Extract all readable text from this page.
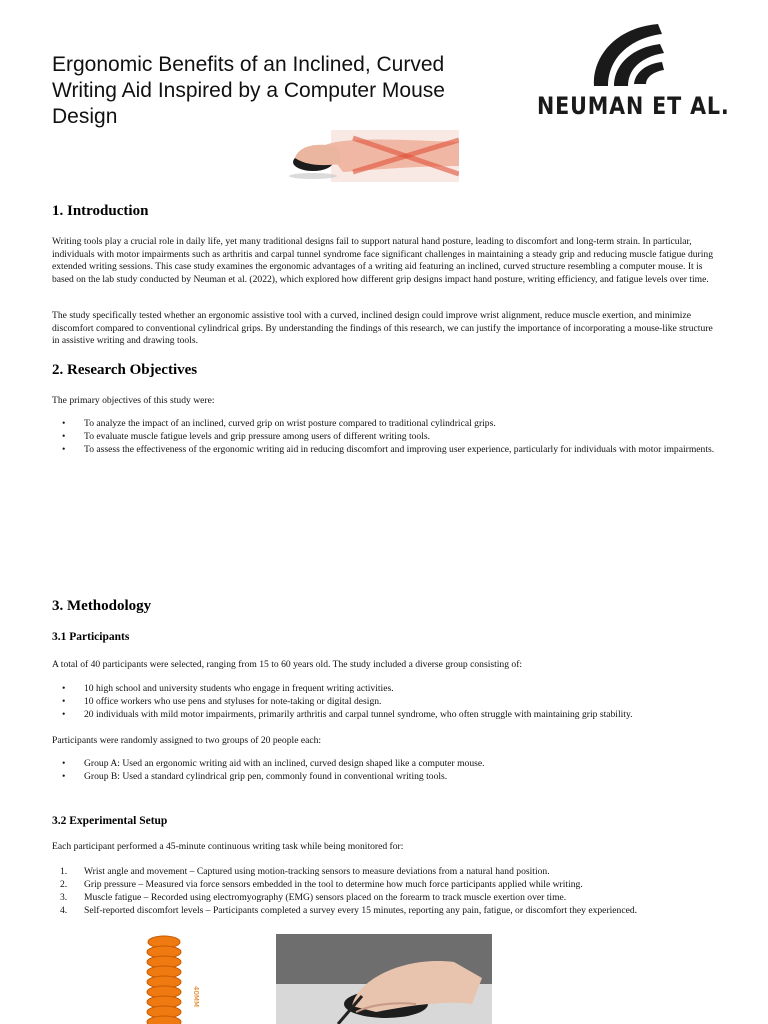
Ergonomic Benefits of an Inclined, Curved Writing Aid Inspired by a Computer Mouse Design	NEUMAN ET AL.
1. Introduction

Writing tools play a crucial role in daily life, yet many traditional designs fail to support natural hand posture, leading to discomfort and long-term strain. In particular, individuals with motor impairments such as arthritis and carpal tunnel syndrome face significant challenges in maintaining a steady grip and reducing muscle fatigue during extended writing sessions. This case study examines the ergonomic advantages of a writing aid featuring an inclined, curved structure resembling a computer mouse. It is based on the lab study conducted by Neuman et al. (2022), which explored how different grip designs impact hand posture, writing efficiency, and fatigue levels over time.

The study specifically tested whether an ergonomic assistive tool with a curved, inclined design could improve wrist alignment, reduce muscle exertion, and minimize discomfort compared to conventional cylindrical grips. By understanding the findings of this research, we can justify the importance of incorporating a mouse-like structure in assistive writing and drawing tools.

2. Research Objectives

The primary objectives of this study were:

• To analyze the impact of an inclined, curved grip on wrist posture compared to traditional cylindrical grips.
• To evaluate muscle fatigue levels and grip pressure among users of different writing tools.
• To assess the effectiveness of the ergonomic writing aid in reducing discomfort and improving user experience, particularly for individuals with motor impairments.
3. Methodology
3.1 Participants

A total of 40 participants were selected, ranging from 15 to 60 years old. The study included a diverse group consisting of:

• 10 high school and university students who engage in frequent writing activities.
• 10 office workers who use pens and styluses for note-taking or digital design.
• 20 individuals with mild motor impairments, primarily arthritis and carpal tunnel syndrome, who often struggle with maintaining grip stability.

Participants were randomly assigned to two groups of 20 people each:

• Group A: Used an ergonomic writing aid with an inclined, curved design shaped like a computer mouse.
• Group B: Used a standard cylindrical grip pen, commonly found in conventional writing tools.
3.2 Experimental Setup

Each participant performed a 45-minute continuous writing task while being monitored for:

1. Wrist angle and movement – Captured using motion-tracking sensors to measure deviations from a natural hand position.
2. Grip pressure – Measured via force sensors embedded in the tool to determine how much force participants applied while writing.
3. Muscle fatigue – Recorded using electromyography (EMG) sensors placed on the forearm to track muscle exertion over time.
4. Self-reported discomfort levels – Participants completed a survey every 15 minutes, reporting any pain, fatigue, or discomfort they experienced.
40MM
